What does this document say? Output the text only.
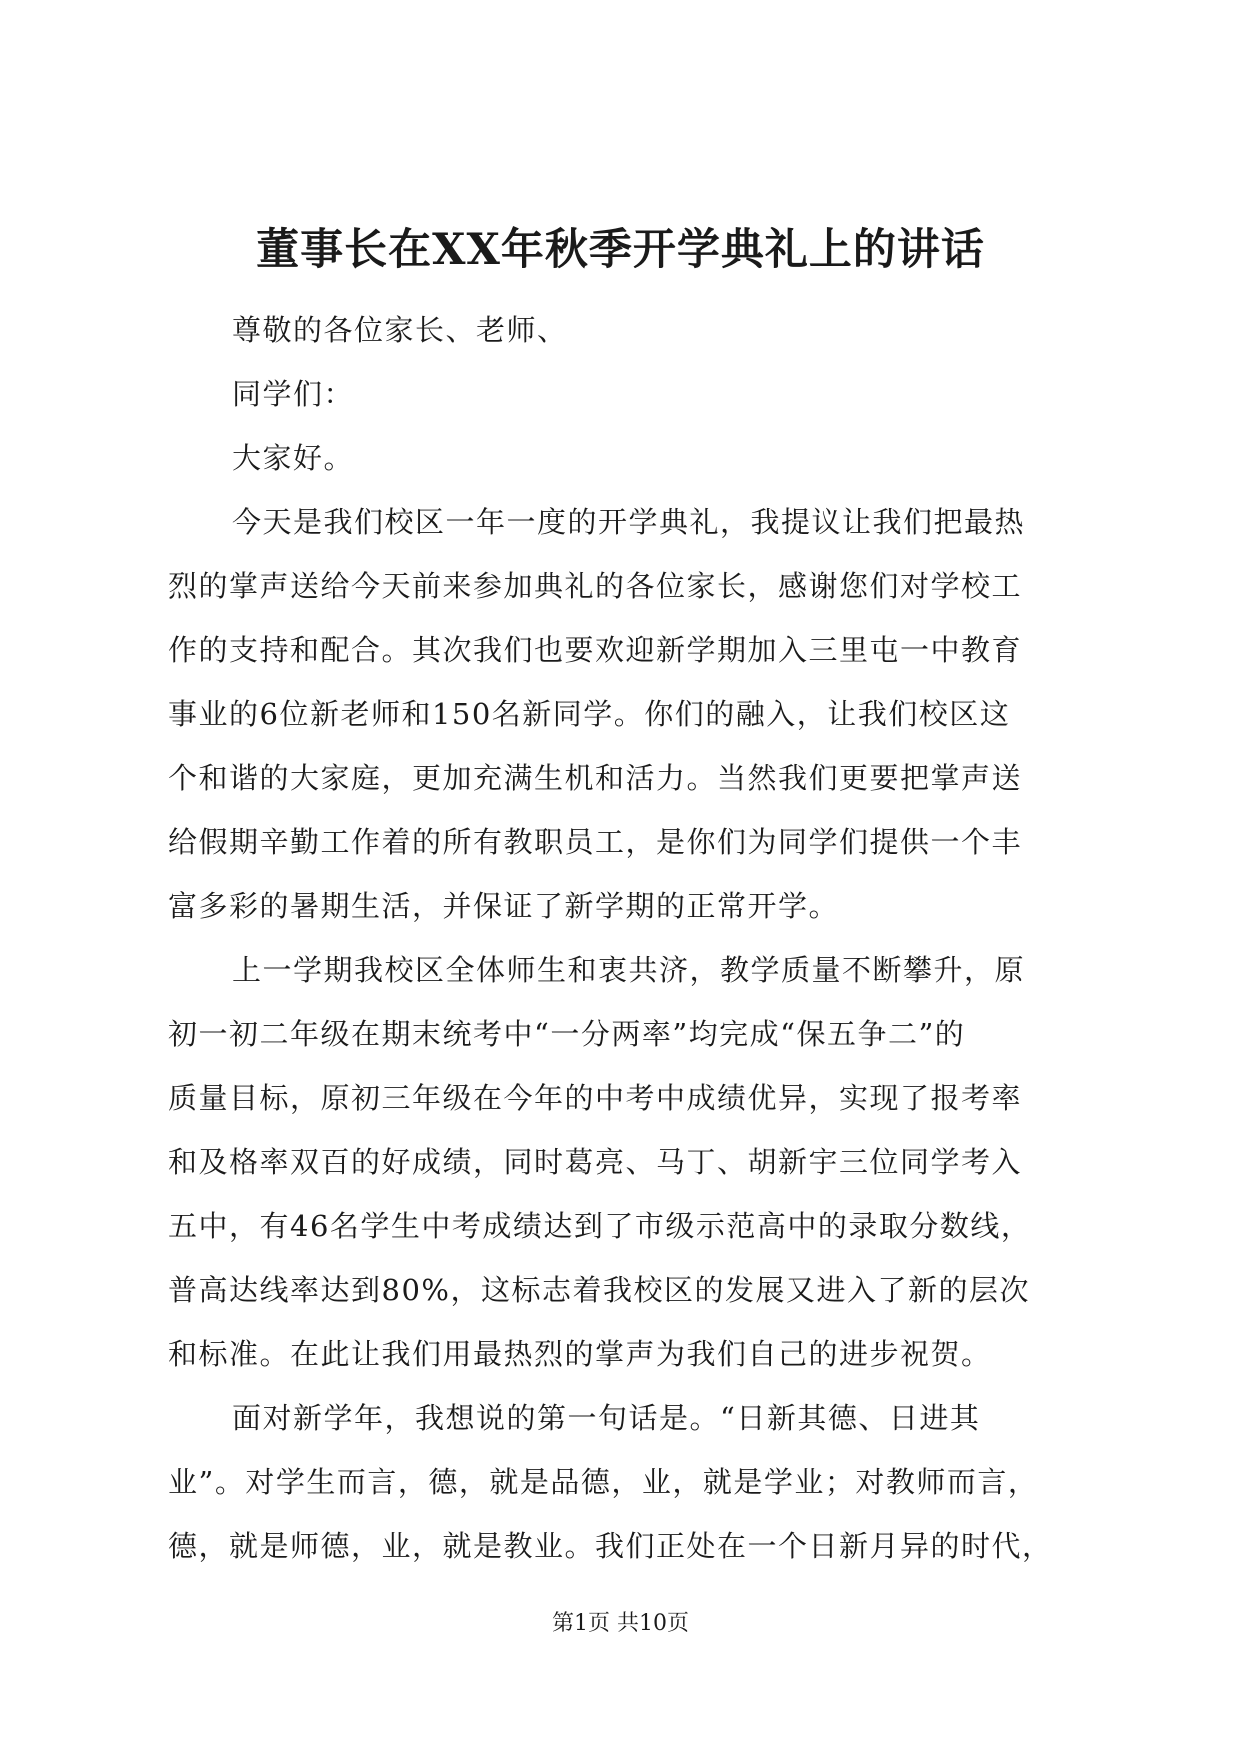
董事长在XX年秋季开学典礼上的讲话
尊敬的各位家长、老师、
同学们：
大家好。
今天是我们校区一年一度的开学典礼，我提议让我们把最热
烈的掌声送给今天前来参加典礼的各位家长，感谢您们对学校工
作的支持和配合。其次我们也要欢迎新学期加入三里屯一中教育
事业的6位新老师和150名新同学。你们的融入，让我们校区这
个和谐的大家庭，更加充满生机和活力。当然我们更要把掌声送
给假期辛勤工作着的所有教职员工，是你们为同学们提供一个丰
富多彩的暑期生活，并保证了新学期的正常开学。
上一学期我校区全体师生和衷共济，教学质量不断攀升，原
初一初二年级在期末统考中“一分两率”均完成“保五争二”的
质量目标，原初三年级在今年的中考中成绩优异，实现了报考率
和及格率双百的好成绩，同时葛亮、马丁、胡新宇三位同学考入
五中，有46名学生中考成绩达到了市级示范高中的录取分数线，
普高达线率达到80%，这标志着我校区的发展又进入了新的层次
和标准。在此让我们用最热烈的掌声为我们自己的进步祝贺。
面对新学年，我想说的第一句话是。“日新其德、日进其
业”。对学生而言，德，就是品德，业，就是学业；对教师而言，
德，就是师德，业，就是教业。我们正处在一个日新月异的时代，
第1页 共10页
